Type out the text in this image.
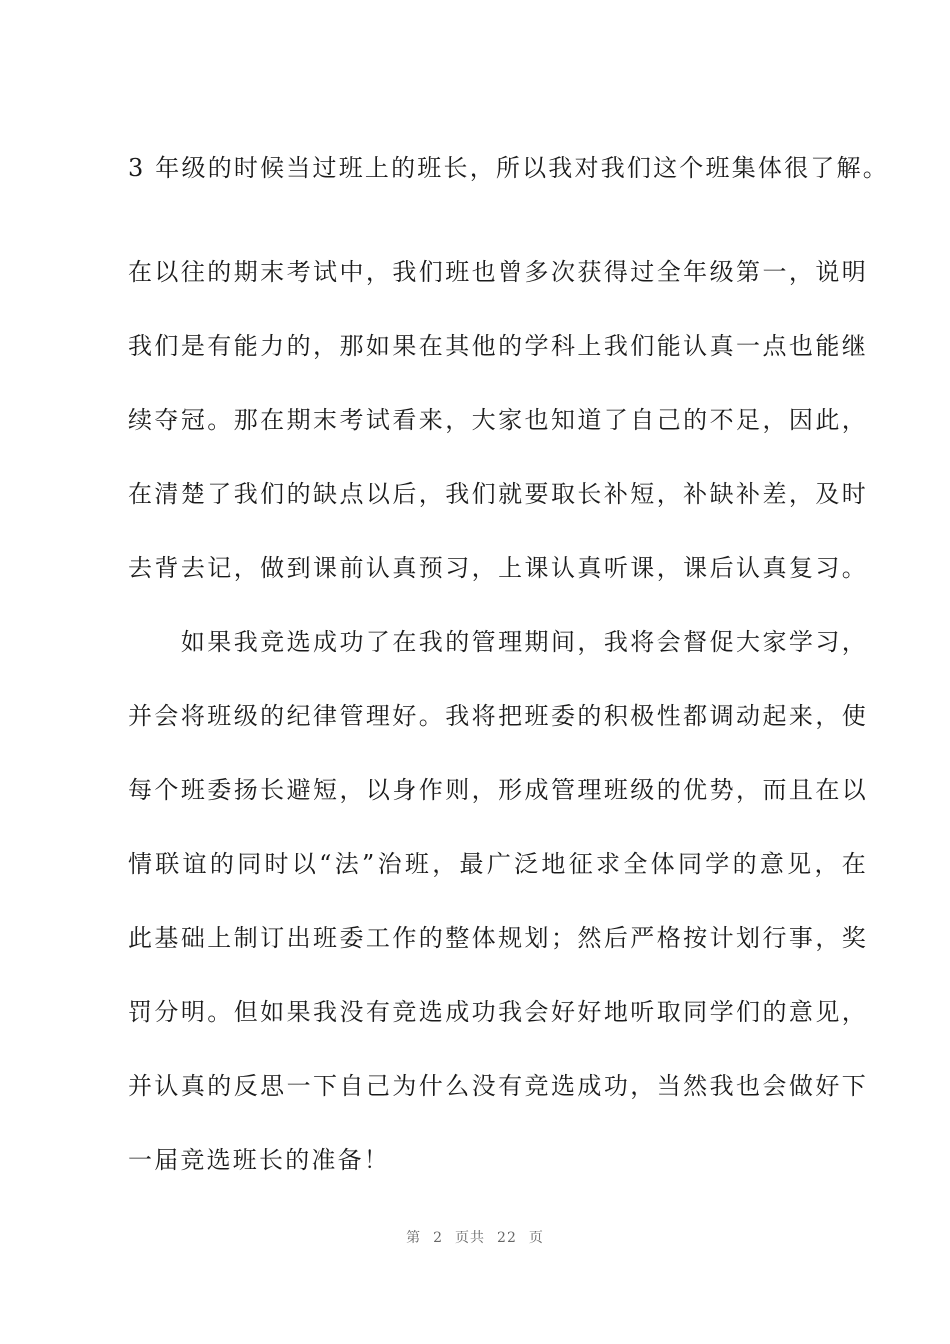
3 年级的时候当过班上的班长，所以我对我们这个班集体很了解。
在以往的期末考试中，我们班也曾多次获得过全年级第一，说明
我们是有能力的，那如果在其他的学科上我们能认真一点也能继
续夺冠。那在期末考试看来，大家也知道了自己的不足，因此，
在清楚了我们的缺点以后，我们就要取长补短，补缺补差，及时
去背去记，做到课前认真预习，上课认真听课，课后认真复习。
　　如果我竞选成功了在我的管理期间，我将会督促大家学习，
并会将班级的纪律管理好。我将把班委的积极性都调动起来，使
每个班委扬长避短，以身作则，形成管理班级的优势，而且在以
情联谊的同时以“法”治班，最广泛地征求全体同学的意见，在
此基础上制订出班委工作的整体规划；然后严格按计划行事，奖
罚分明。但如果我没有竞选成功我会好好地听取同学们的意见，
并认真的反思一下自己为什么没有竞选成功，当然我也会做好下
一届竞选班长的准备！
第 2 页共 22 页
